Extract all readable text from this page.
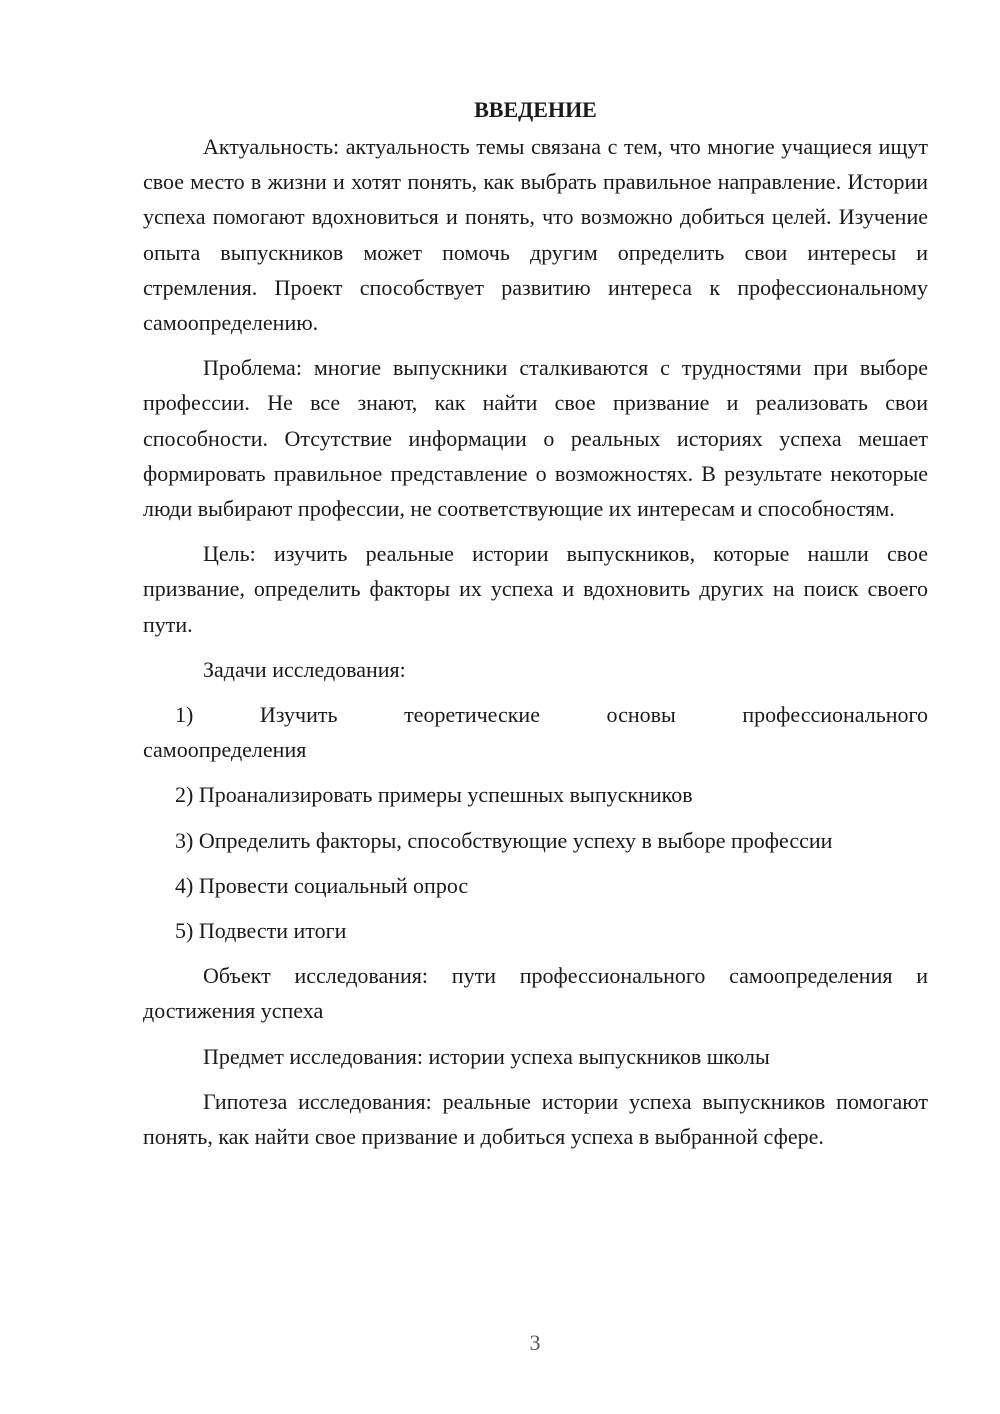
ВВЕДЕНИЕ

Актуальность: актуальность темы связана с тем, что многие учащиеся ищут свое место в жизни и хотят понять, как выбрать правильное направление. Истории успеха помогают вдохновиться и понять, что возможно добиться целей. Изучение опыта выпускников может помочь другим определить свои интересы и стремления. Проект способствует развитию интереса к профессиональному самоопределению.

Проблема: многие выпускники сталкиваются с трудностями при выборе профессии. Не все знают, как найти свое призвание и реализовать свои способности. Отсутствие информации о реальных историях успеха мешает формировать правильное представление о возможностях. В результате некоторые люди выбирают профессии, не соответствующие их интересам и способностям.

Цель: изучить реальные истории выпускников, которые нашли свое призвание, определить факторы их успеха и вдохновить других на поиск своего пути.

Задачи исследования:

1)	Изучить	теоретические	основы	профессионального
самоопределения

2) Проанализировать примеры успешных выпускников

3) Определить факторы, способствующие успеху в выборе профессии

4) Провести социальный опрос

5) Подвести итоги

Объект исследования: пути профессионального самоопределения и достижения успеха

Предмет исследования: истории успеха выпускников школы

Гипотеза исследования: реальные истории успеха выпускников помогают понять, как найти свое призвание и добиться успеха в выбранной сфере.

3
